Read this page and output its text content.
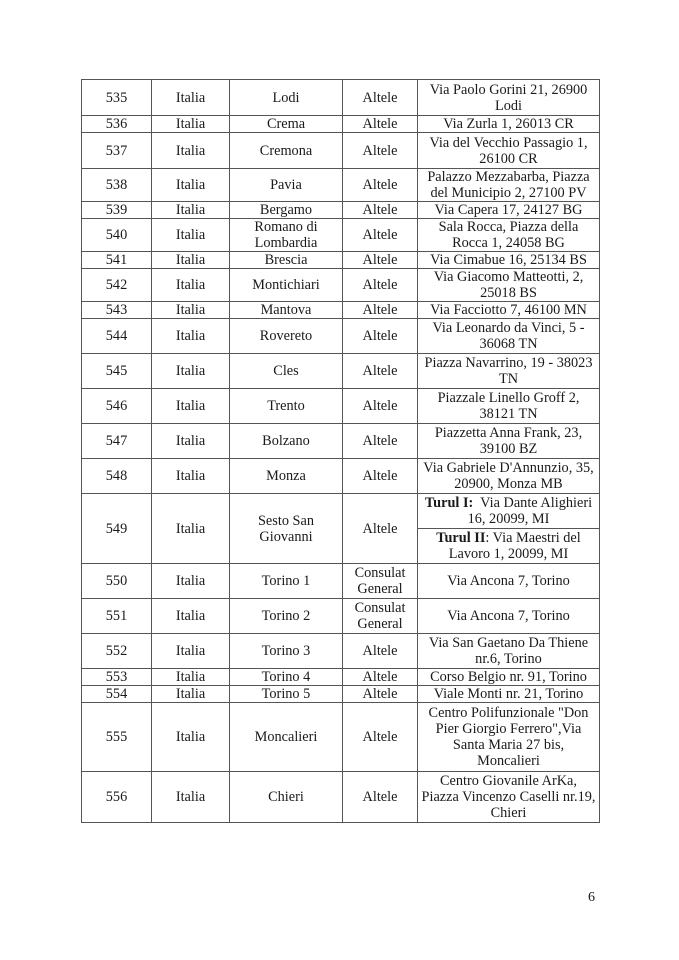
535	Italia	Lodi	Altele	Via Paolo Gorini 21, 26900 Lodi
536	Italia	Crema	Altele	Via Zurla 1, 26013 CR
537	Italia	Cremona	Altele	Via del Vecchio Passagio 1, 26100 CR
538	Italia	Pavia	Altele	Palazzo Mezzabarba, Piazza del Municipio 2, 27100 PV
539	Italia	Bergamo	Altele	Via Capera 17, 24127 BG
540	Italia	Romano di Lombardia	Altele	Sala Rocca, Piazza della Rocca 1, 24058 BG
541	Italia	Brescia	Altele	Via Cimabue 16, 25134 BS
542	Italia	Montichiari	Altele	Via Giacomo Matteotti, 2, 25018 BS
543	Italia	Mantova	Altele	Via Facciotto 7, 46100 MN
544	Italia	Rovereto	Altele	Via Leonardo da Vinci, 5 - 36068 TN
545	Italia	Cles	Altele	Piazza Navarrino, 19 - 38023 TN
546	Italia	Trento	Altele	Piazzale Linello Groff 2, 38121 TN
547	Italia	Bolzano	Altele	Piazzetta Anna Frank, 23, 39100 BZ
548	Italia	Monza	Altele	Via Gabriele D'Annunzio, 35, 20900, Monza MB
549	Italia	Sesto San Giovanni	Altele	Turul I:  Via Dante Alighieri 16, 20099, MI
				Turul II: Via Maestri del Lavoro 1, 20099, MI
550	Italia	Torino 1	Consulat General	Via Ancona 7, Torino
551	Italia	Torino 2	Consulat General	Via Ancona 7, Torino
552	Italia	Torino 3	Altele	Via San Gaetano Da Thiene nr.6, Torino
553	Italia	Torino 4	Altele	Corso Belgio nr. 91, Torino
554	Italia	Torino 5	Altele	Viale Monti nr. 21, Torino
555	Italia	Moncalieri	Altele	Centro Polifunzionale "Don Pier Giorgio Ferrero",Via Santa Maria 27 bis, Moncalieri
556	Italia	Chieri	Altele	Centro Giovanile ArKa, Piazza Vincenzo Caselli nr.19, Chieri
6
